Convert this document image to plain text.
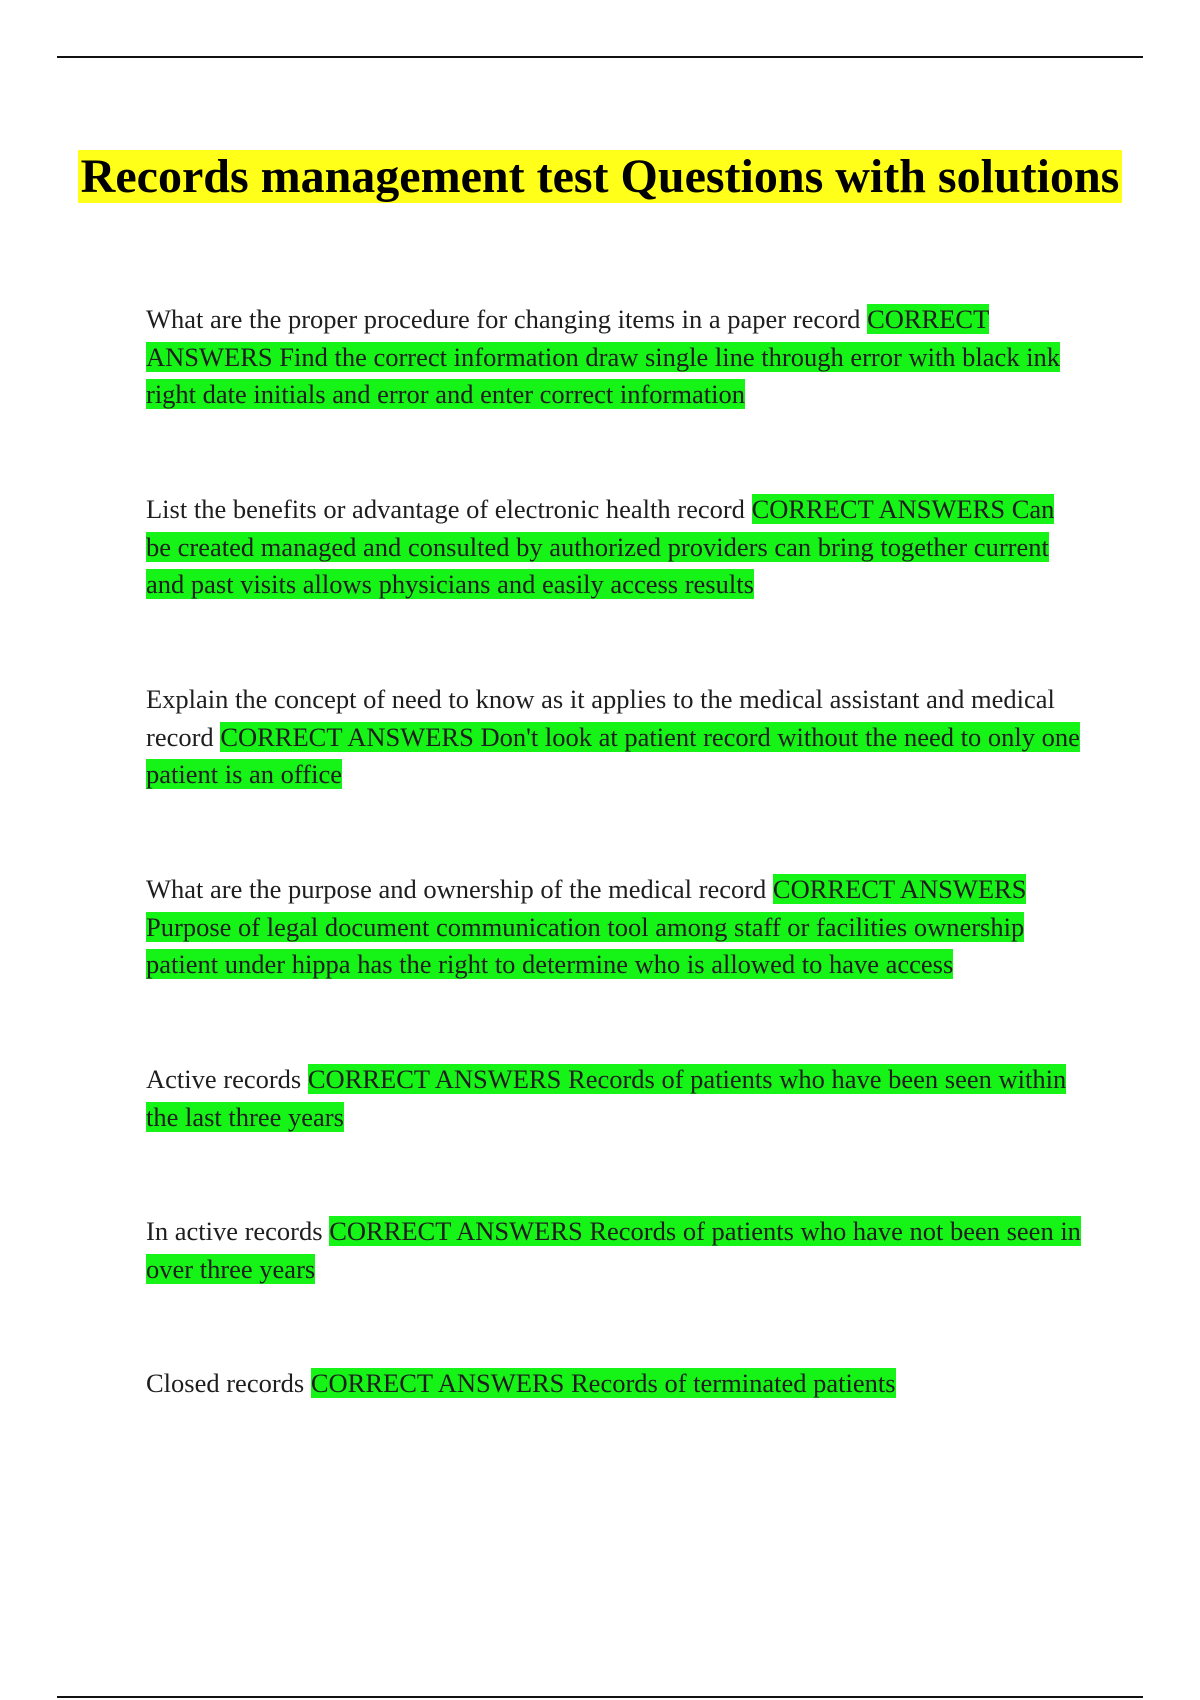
Records management test Questions with solutions

What are the proper procedure for changing items in a paper record CORRECT ANSWERS Find the correct information draw single line through error with black ink right date initials and error and enter correct information

List the benefits or advantage of electronic health record CORRECT ANSWERS Can be created managed and consulted by authorized providers can bring together current and past visits allows physicians and easily access results

Explain the concept of need to know as it applies to the medical assistant and medical record CORRECT ANSWERS Don't look at patient record without the need to only one patient is an office

What are the purpose and ownership of the medical record CORRECT ANSWERS Purpose of legal document communication tool among staff or facilities ownership patient under hippa has the right to determine who is allowed to have access

Active records CORRECT ANSWERS Records of patients who have been seen within the last three years

In active records CORRECT ANSWERS Records of patients who have not been seen in over three years

Closed records CORRECT ANSWERS Records of terminated patients
